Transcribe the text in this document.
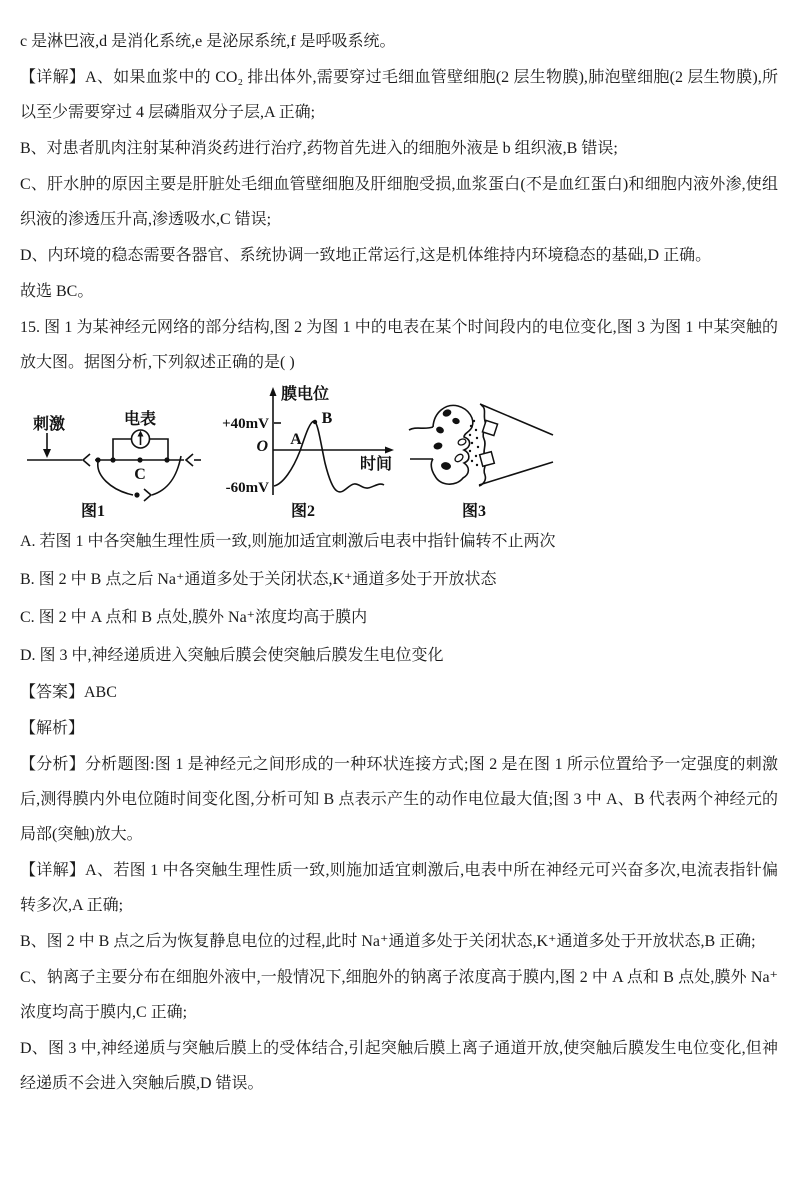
c 是淋巴液,d 是消化系统,e 是泌尿系统,f 是呼吸系统。

【详解】A、如果血浆中的 CO₂ 排出体外,需要穿过毛细血管壁细胞(2 层生物膜),肺泡壁细胞(2 层生物膜),所以至少需要穿过 4 层磷脂双分子层,A 正确;

B、对患者肌肉注射某种消炎药进行治疗,药物首先进入的细胞外液是 b 组织液,B 错误;

C、肝水肿的原因主要是肝脏处毛细血管壁细胞及肝细胞受损,血浆蛋白(不是血红蛋白)和细胞内液外渗,使组织液的渗透压升高,渗透吸水,C 错误;

D、内环境的稳态需要各器官、系统协调一致地正常运行,这是机体维持内环境稳态的基础,D 正确。

故选 BC。

15. 图 1 为某神经元网络的部分结构,图 2 为图 1 中的电表在某个时间段内的电位变化,图 3 为图 1 中某突触的放大图。据图分析,下列叙述正确的是( )

刺激	电表
C
图1
膜电位
+40mV
O
时间
-60mV
A
B
图2	图3

A. 若图 1 中各突触生理性质一致,则施加适宜刺激后电表中指针偏转不止两次

B. 图 2 中 B 点之后 Na⁺通道多处于关闭状态,K⁺通道多处于开放状态

C. 图 2 中 A 点和 B 点处,膜外 Na⁺浓度均高于膜内

D. 图 3 中,神经递质进入突触后膜会使突触后膜发生电位变化

【答案】ABC

【解析】

【分析】分析题图:图 1 是神经元之间形成的一种环状连接方式;图 2 是在图 1 所示位置给予一定强度的刺激后,测得膜内外电位随时间变化图,分析可知 B 点表示产生的动作电位最大值;图 3 中 A、B 代表两个神经元的局部(突触)放大。

【详解】A、若图 1 中各突触生理性质一致,则施加适宜刺激后,电表中所在神经元可兴奋多次,电流表指针偏转多次,A 正确;

B、图 2 中 B 点之后为恢复静息电位的过程,此时 Na⁺通道多处于关闭状态,K⁺通道多处于开放状态,B 正确;

C、钠离子主要分布在细胞外液中,一般情况下,细胞外的钠离子浓度高于膜内,图 2 中 A 点和 B 点处,膜外 Na⁺浓度均高于膜内,C 正确;

D、图 3 中,神经递质与突触后膜上的受体结合,引起突触后膜上离子通道开放,使突触后膜发生电位变化,但神经递质不会进入突触后膜,D 错误。
